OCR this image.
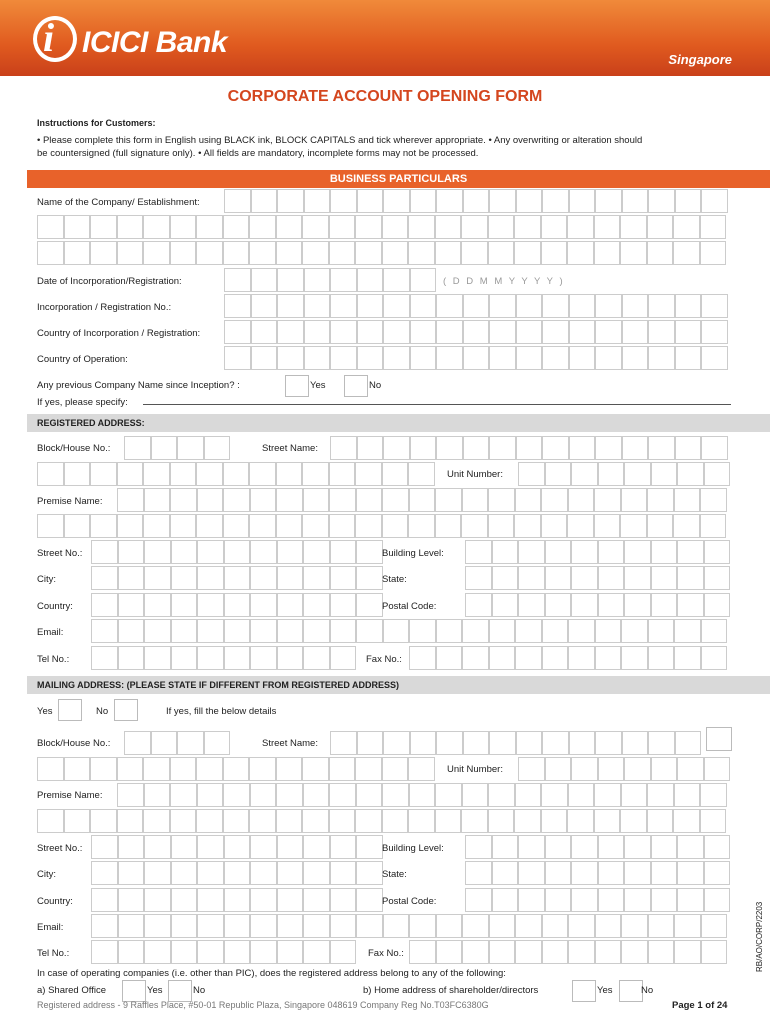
i ICICI Bank
Singapore
CORPORATE ACCOUNT OPENING FORM
Instructions for Customers:
• Please complete this form in English using BLACK ink, BLOCK CAPITALS and tick wherever appropriate. • Any overwriting or alteration should
be countersigned (full signature only). • All fields are mandatory, incomplete forms may not be processed.
BUSINESS PARTICULARS
Name of the Company/ Establishment:
Date of Incorporation/Registration:	( D D M M Y Y Y Y )
Incorporation / Registration No.:
Country of Incorporation / Registration:
Country of Operation:
Any previous Company Name since Inception? :	Yes	No
If yes, please specify:
REGISTERED ADDRESS:
Block/House No.:	Street Name:
Unit Number:
Premise Name:
Street No.:	Building Level:
City:	State:
Country:	Postal Code:
Email:
Tel No.:	Fax No.:
MAILING ADDRESS: (PLEASE STATE IF DIFFERENT FROM REGISTERED ADDRESS)
Yes	No	If yes, fill the below details
Block/House No.:	Street Name:
Unit Number:
Premise Name:
Street No.:	Building Level:
City:	State:
Country:	Postal Code:
Email:
Tel No.:	Fax No.:
In case of operating companies (i.e. other than PIC), does the registered address belong to any of the following:
a) Shared Office	Yes	No	b) Home address of shareholder/directors	Yes	No
RB/AO/CORP/2203
Registered address - 9 Raffles Place, #50-01 Republic Plaza, Singapore 048619 Company Reg No.T03FC6380G	Page 1 of 24
